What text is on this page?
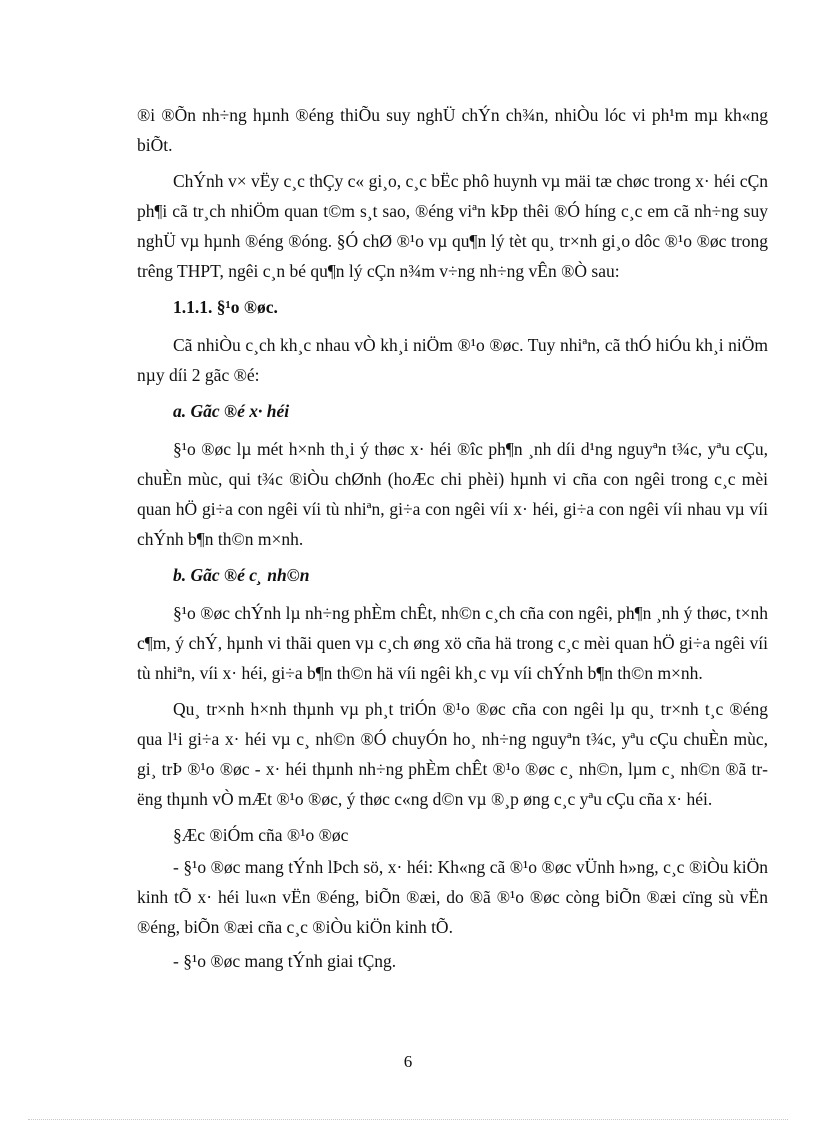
®i ®Õn nh÷ng hµnh ®éng thiÕu suy nghÜ chÝn ch¾n, nhiÒu lóc vi ph¹m mµ kh«ng biÕt.

ChÝnh v× vËy c¸c thÇy c« gi¸o, c¸c bËc phô huynh vµ mäi tæ chøc trong x· héi cÇn ph¶i cã tr¸ch nhiÖm quan t©m s¸t sao, ®éng viªn kÞp thêi ®Ó híng c¸c em cã nh÷ng suy nghÜ vµ hµnh ®éng ®óng. §Ó chØ ®¹o vµ qu¶n lý tèt qu¸ tr×nh gi¸o dôc ®¹o ®øc trong trêng THPT, ngêi c¸n bé qu¶n lý cÇn n¾m v÷ng nh÷ng vÊn ®Ò sau:

1.1.1. §¹o ®øc.

Cã nhiÒu c¸ch kh¸c nhau vÒ kh¸i niÖm ®¹o ®øc. Tuy nhiªn, cã thÓ hiÓu kh¸i niÖm nµy díi 2 gãc ®é:

a. Gãc ®é x· héi

§¹o ®øc lµ mét h×nh th¸i ý thøc x· héi ®îc ph¶n ¸nh díi d¹ng nguyªn t¾c, yªu cÇu, chuÈn mùc, qui t¾c ®iÒu chØnh (hoÆc chi phèi) hµnh vi cña con ngêi trong c¸c mèi quan hÖ gi÷a con ngêi víi tù nhiªn, gi÷a con ngêi víi x· héi, gi÷a con ngêi víi nhau vµ víi chÝnh b¶n th©n m×nh.

b. Gãc ®é c¸ nh©n

§¹o ®øc chÝnh lµ nh÷ng phÈm chÊt, nh©n c¸ch cña con ngêi, ph¶n ¸nh ý thøc, t×nh c¶m, ý chÝ, hµnh vi thãi quen vµ c¸ch øng xö cña hä trong c¸c mèi quan hÖ gi÷a ngêi víi tù nhiªn, víi x· héi, gi÷a b¶n th©n hä víi ngêi kh¸c vµ víi chÝnh b¶n th©n m×nh.

Qu¸ tr×nh h×nh thµnh vµ ph¸t triÓn ®¹o ®øc cña con ngêi lµ qu¸ tr×nh t¸c ®éng qua l¹i gi÷a x· héi vµ c¸ nh©n ®Ó chuyÓn ho¸ nh÷ng nguyªn t¾c, yªu cÇu chuÈn mùc, gi¸ trÞ ®¹o ®øc - x· héi thµnh nh÷ng phÈm chÊt ®¹o ®øc c¸ nh©n, lµm c¸ nh©n ®ã trëng thµnh vÒ mÆt ®¹o ®øc, ý thøc c«ng d©n vµ ®¸p øng c¸c yªu cÇu cña x· héi.

§Æc ®iÓm cña ®¹o ®øc

- §¹o ®øc mang tÝnh lÞch sö, x· héi: Kh«ng cã ®¹o ®øc vÜnh h»ng, c¸c ®iÒu kiÖn kinh tÕ x· héi lu«n vËn ®éng, biÕn ®æi, do ®ã ®¹o ®øc còng biÕn ®æi cïng sù vËn ®éng, biÕn ®æi cña c¸c ®iÒu kiÖn kinh tÕ.

- §¹o ®øc mang tÝnh giai tÇng.

6
